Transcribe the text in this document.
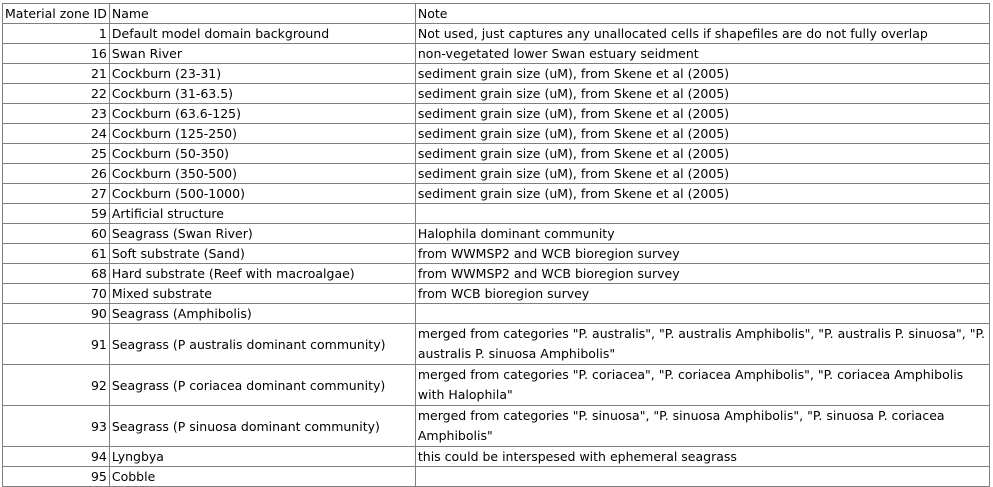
Material zone ID	Name	Note
1	Default model domain background	Not used, just captures any unallocated cells if shapefiles are do not fully overlap
16	Swan River	non-vegetated lower Swan estuary seidment
21	Cockburn (23-31)	sediment grain size (uM), from Skene et al (2005)
22	Cockburn (31-63.5)	sediment grain size (uM), from Skene et al (2005)
23	Cockburn (63.6-125)	sediment grain size (uM), from Skene et al (2005)
24	Cockburn (125-250)	sediment grain size (uM), from Skene et al (2005)
25	Cockburn (50-350)	sediment grain size (uM), from Skene et al (2005)
26	Cockburn (350-500)	sediment grain size (uM), from Skene et al (2005)
27	Cockburn (500-1000)	sediment grain size (uM), from Skene et al (2005)
59	Artificial structure	
60	Seagrass (Swan River)	Halophila dominant community
61	Soft substrate (Sand)	from WWMSP2 and WCB bioregion survey
68	Hard substrate (Reef with macroalgae)	from WWMSP2 and WCB bioregion survey
70	Mixed substrate	from WCB bioregion survey
90	Seagrass (Amphibolis)	
91	Seagrass (P australis dominant community)	merged from categories "P. australis", "P. australis Amphibolis", "P. australis P. sinuosa", "P. australis P. sinuosa Amphibolis"
92	Seagrass (P coriacea dominant community)	merged from categories "P. coriacea", "P. coriacea Amphibolis", "P. coriacea Amphibolis with Halophila"
93	Seagrass (P sinuosa dominant community)	merged from categories "P. sinuosa", "P. sinuosa Amphibolis", "P. sinuosa P. coriacea Amphibolis"
94	Lyngbya	this could be interspesed with ephemeral seagrass
95	Cobble	
